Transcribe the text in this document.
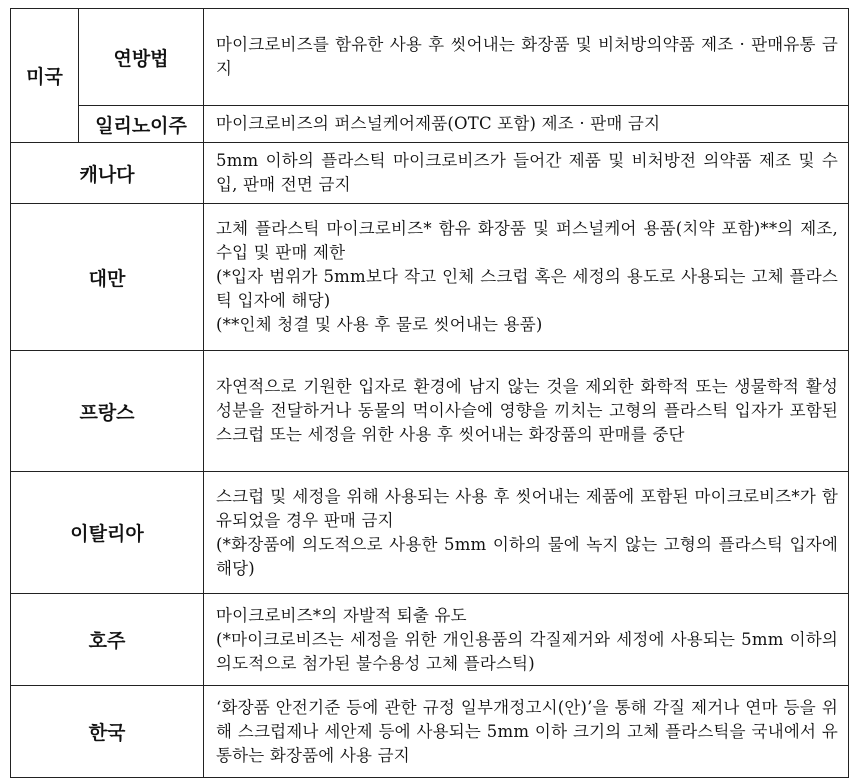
미국	연방법	마이크로비즈를 함유한 사용 후 씻어내는 화장품 및 비처방의약품 제조 · 판매유통 금지

	일리노이주	마이크로비즈의 퍼스널케어제품(OTC 포함) 제조 · 판매 금지

캐나다		5mm 이하의 플라스틱 마이크로비즈가 들어간 제품 및 비처방전 의약품 제조 및 수입, 판매 전면 금지

대만		고체 플라스틱 마이크로비즈* 함유 화장품 및 퍼스널케어 용품(치약 포함)**의 제조, 수입 및 판매 제한
(*입자 범위가 5mm보다 작고 인체 스크럽 혹은 세정의 용도로 사용되는 고체 플라스틱 입자에 해당)
(**인체 청결 및 사용 후 물로 씻어내는 용품)

프랑스		자연적으로 기원한 입자로 환경에 남지 않는 것을 제외한 화학적 또는 생물학적 활성 성분을 전달하거나 동물의 먹이사슬에 영향을 끼치는 고형의 플라스틱 입자가 포함된 스크럽 또는 세정을 위한 사용 후 씻어내는 화장품의 판매를 중단

이탈리아		스크럽 및 세정을 위해 사용되는 사용 후 씻어내는 제품에 포함된 마이크로비즈*가 함유되었을 경우 판매 금지
(*화장품에 의도적으로 사용한 5mm 이하의 물에 녹지 않는 고형의 플라스틱 입자에 해당)

호주		마이크로비즈*의 자발적 퇴출 유도
(*마이크로비즈는 세정을 위한 개인용품의 각질제거와 세정에 사용되는 5mm 이하의 의도적으로 첨가된 불수용성 고체 플라스틱)

한국		‘화장품 안전기준 등에 관한 규정 일부개정고시(안)’을 통해 각질 제거나 연마 등을 위해 스크럽제나 세안제 등에 사용되는 5mm 이하 크기의 고체 플라스틱을 국내에서 유통하는 화장품에 사용 금지
